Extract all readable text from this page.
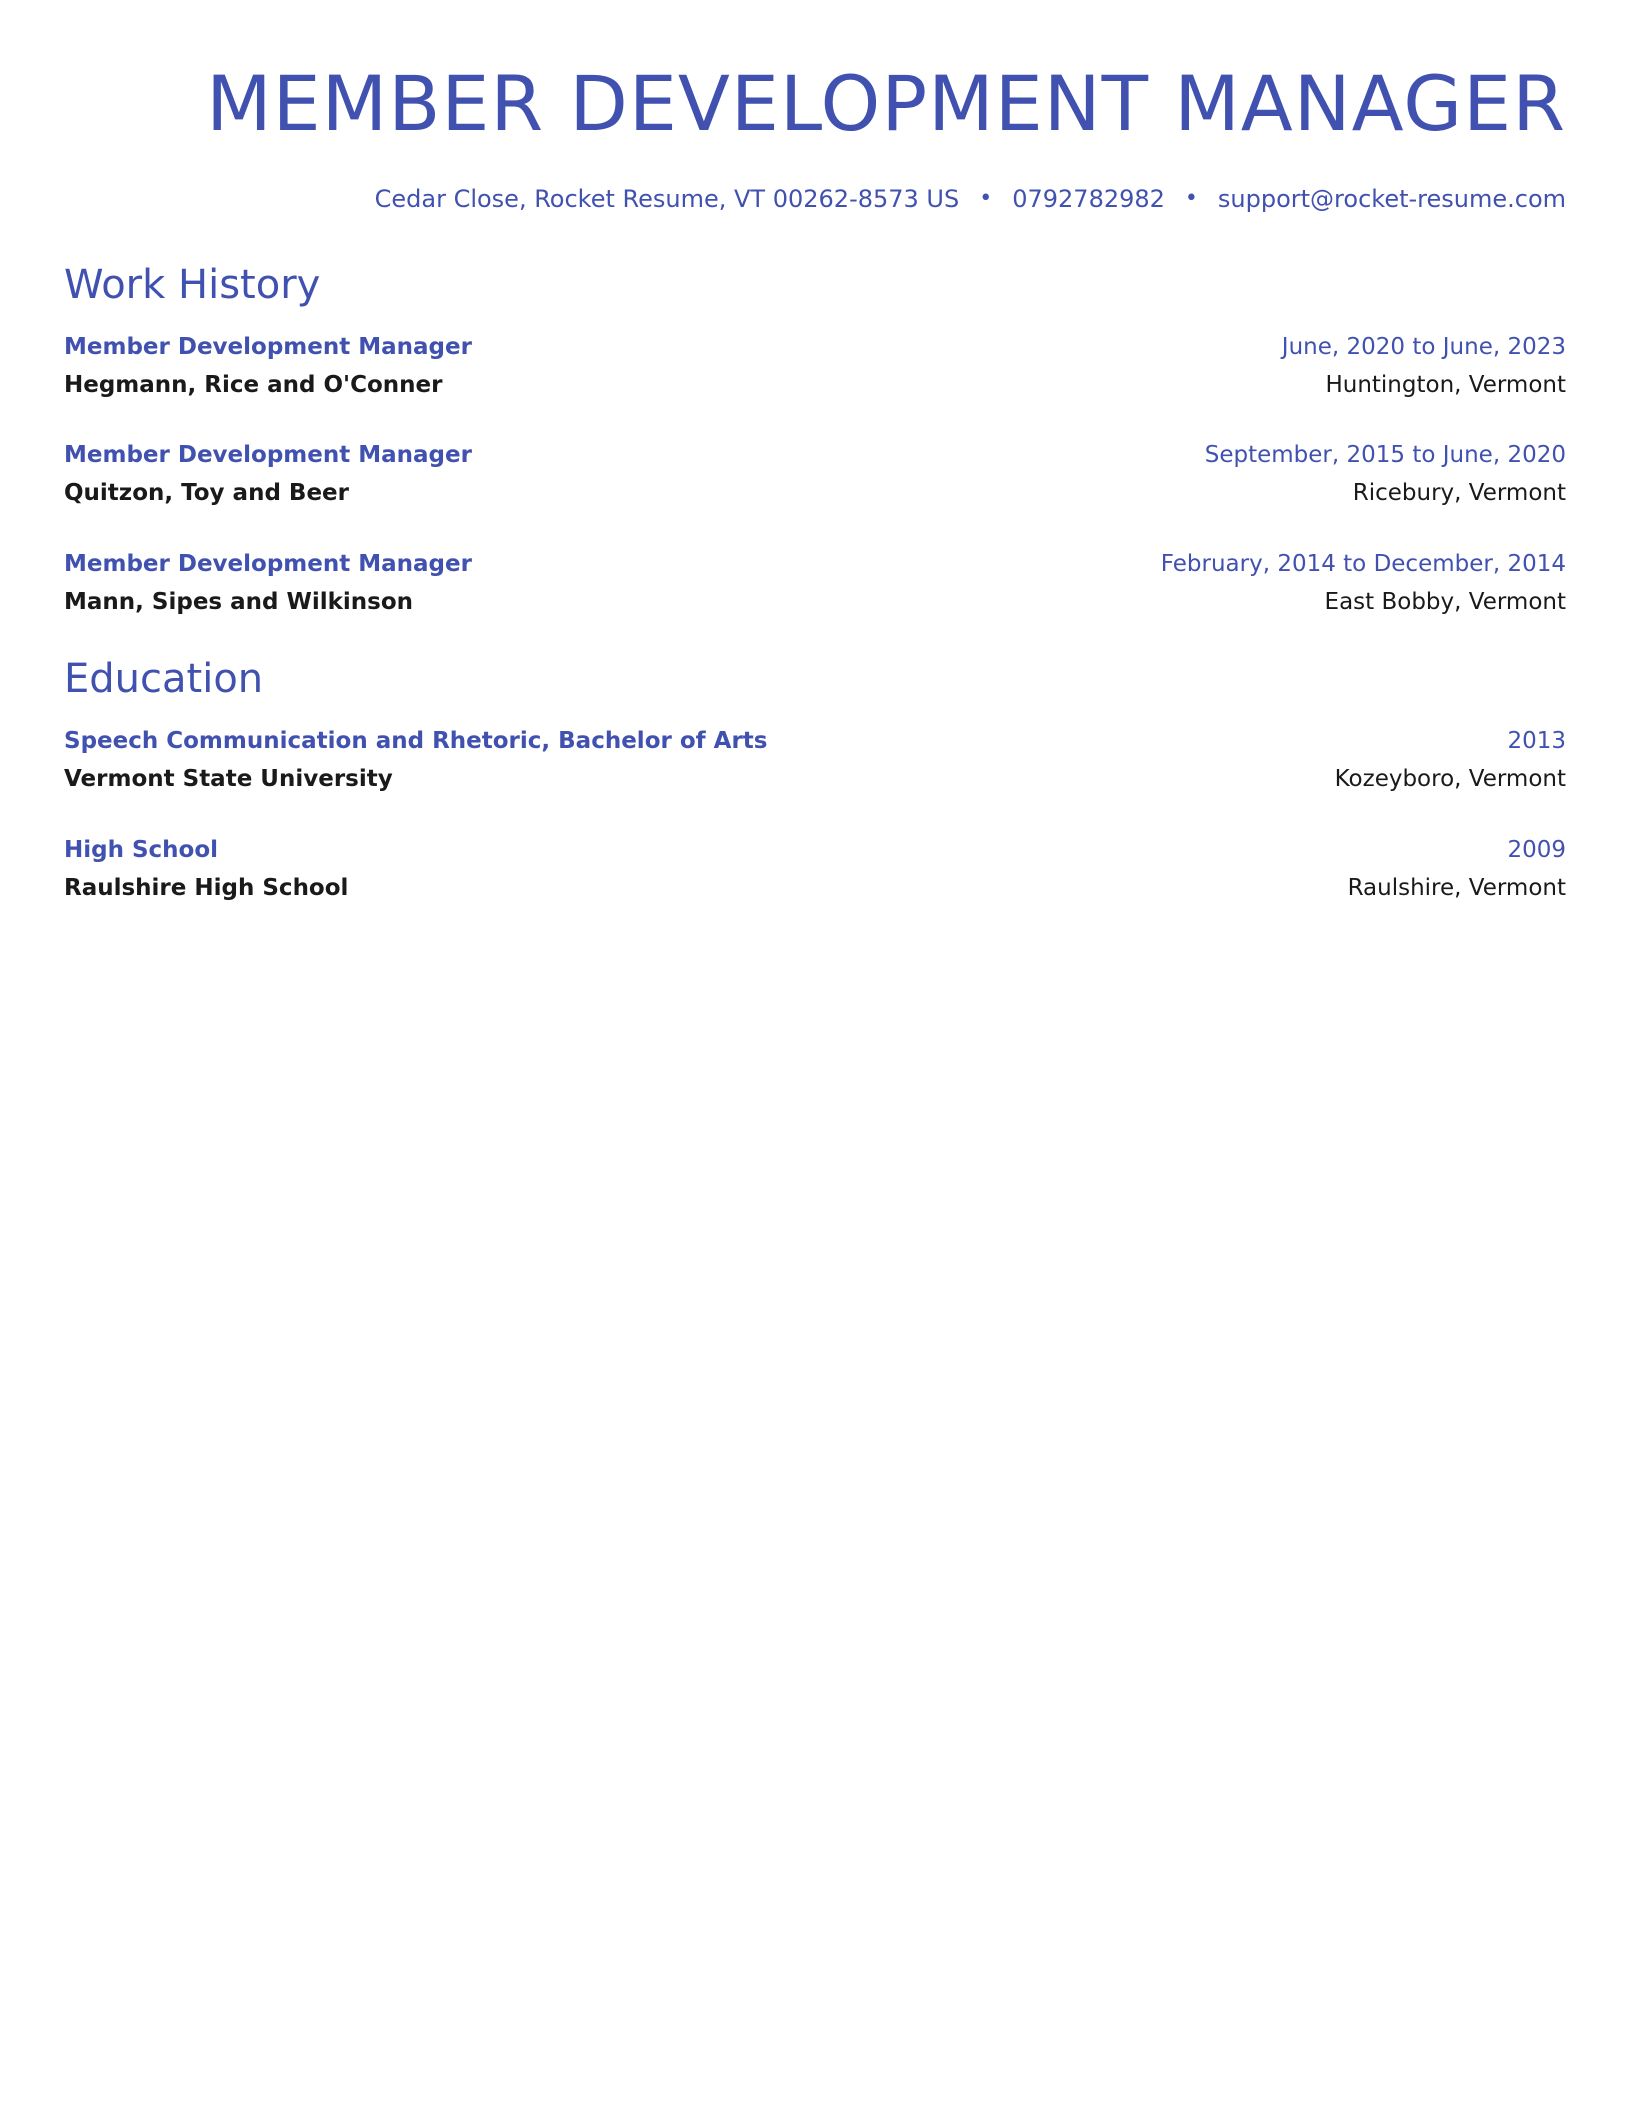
MEMBER DEVELOPMENT MANAGER
Cedar Close, Rocket Resume, VT 00262-8573 US • 0792782982 • support@rocket-resume.com
Work History
Member Development Manager	June, 2020 to June, 2023
Hegmann, Rice and O'Conner	Huntington, Vermont
Member Development Manager	September, 2015 to June, 2020
Quitzon, Toy and Beer	Ricebury, Vermont
Member Development Manager	February, 2014 to December, 2014
Mann, Sipes and Wilkinson	East Bobby, Vermont
Education
Speech Communication and Rhetoric, Bachelor of Arts	2013
Vermont State University	Kozeyboro, Vermont
High School	2009
Raulshire High School	Raulshire, Vermont
